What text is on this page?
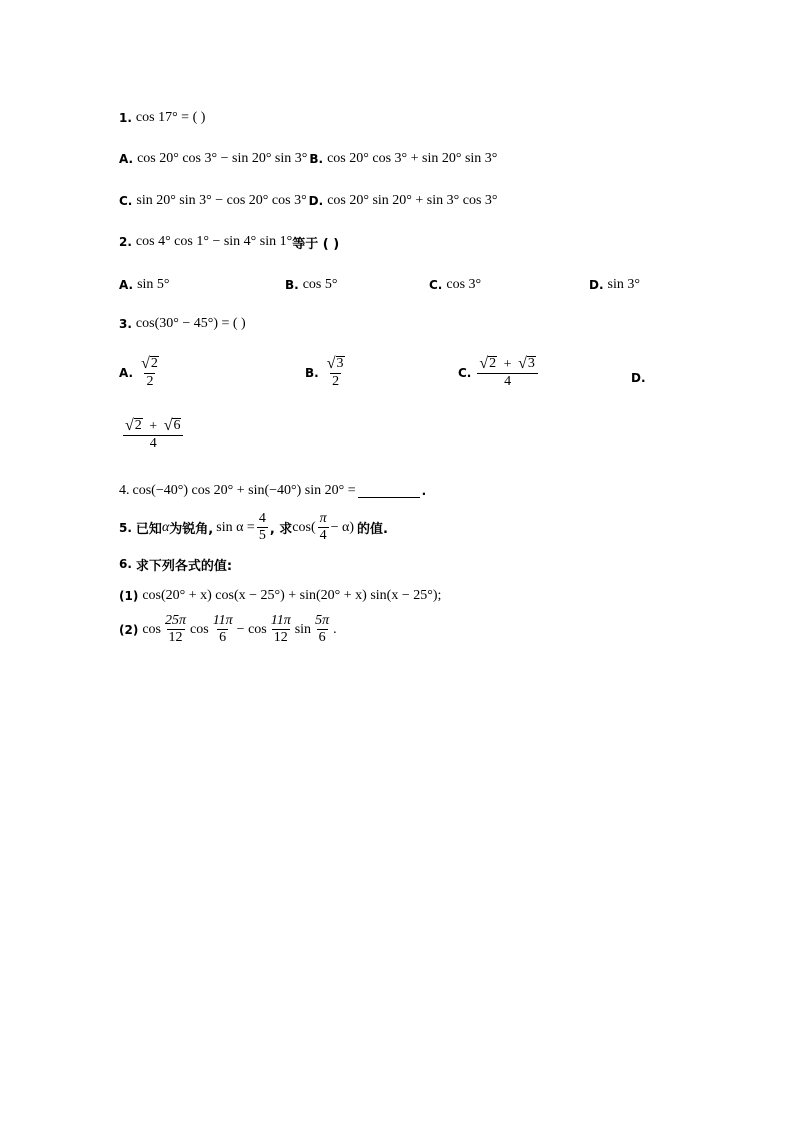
1. cos 17° = ( )
A. cos 20° cos 3° − sin 20° sin 3° B. cos 20° cos 3° + sin 20° sin 3°
C. sin 20° sin 3° − cos 20° cos 3° D. cos 20° sin 20° + sin 3° cos 3°
2. cos 4° cos 1° − sin 4° sin 1° 等于 ( )
A. sin 5°	B. cos 5°	C. cos 3°	D. sin 3°
3. cos(30° − 45°) = ( )
A. $\frac{√ 2}{2}$	B. $\frac{√ 3}{2}$	C. $\frac{√ 2 + √ 3}{4}$	D.
$\frac{√ 2 + √ 6}{4}$
4. cos(−40°) cos 20° + sin(−40°) sin 20° =	.
5. 已知 α 为锐角, $\sin \alpha = \frac{4}{5}$ , 求 $\cos( \frac{\pi}{4} - \alpha)$ 的值.
6. 求下列各式的值:
(1) cos(20° + x) cos(x − 25°) + sin(20° + x) sin(x − 25°);
(2) $\cos \frac{25\pi}{12}$ $\cos \frac{11\pi}{6} - \cos \frac{11\pi}{12}$ $\sin \frac{5\pi}{6}$ .
